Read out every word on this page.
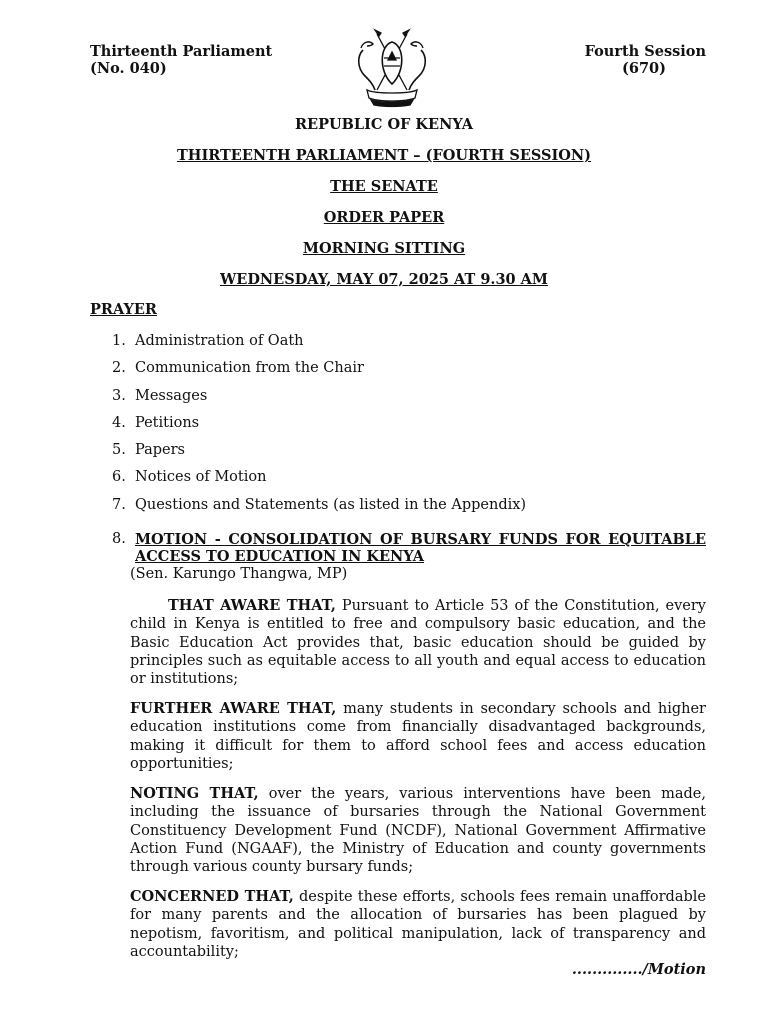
Thirteenth Parliament
(No. 040)
Fourth Session
(670)
REPUBLIC OF KENYA
THIRTEENTH PARLIAMENT – (FOURTH SESSION)
THE SENATE
ORDER PAPER
MORNING SITTING
WEDNESDAY, MAY 07, 2025 AT 9.30 AM
PRAYER
1. Administration of Oath
2. Communication from the Chair
3. Messages
4. Petitions
5. Papers
6. Notices of Motion
7. Questions and Statements (as listed in the Appendix)
8. MOTION - CONSOLIDATION OF BURSARY FUNDS FOR EQUITABLE
ACCESS TO EDUCATION IN KENYA
(Sen. Karungo Thangwa, MP)
THAT AWARE THAT, Pursuant to Article 53 of the Constitution, every child in Kenya is entitled to free and compulsory basic education, and the Basic Education Act provides that, basic education should be guided by principles such as equitable access to all youth and equal access to education or institutions;
FURTHER AWARE THAT, many students in secondary schools and higher education institutions come from financially disadvantaged backgrounds, making it difficult for them to afford school fees and access education opportunities;
NOTING THAT, over the years, various interventions have been made, including the issuance of bursaries through the National Government Constituency Development Fund (NCDF), National Government Affirmative Action Fund (NGAAF), the Ministry of Education and county governments through various county bursary funds;
CONCERNED THAT, despite these efforts, schools fees remain unaffordable for many parents and the allocation of bursaries has been plagued by nepotism, favoritism, and political manipulation, lack of transparency and accountability;
............../Motion
